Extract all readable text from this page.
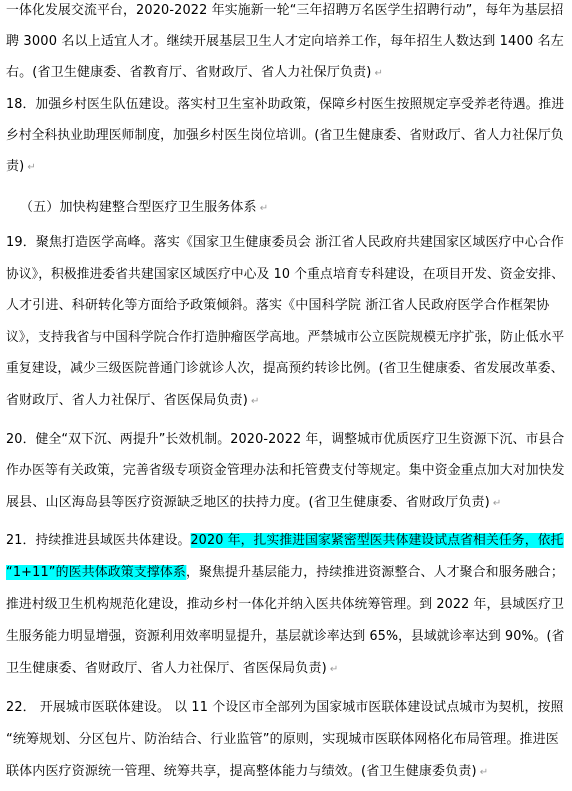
一体化发展交流平台，2020-2022 年实施新一轮“三年招聘万名医学生招聘行动”，每年为基层招
聘 3000 名以上适宜人才。继续开展基层卫生人才定向培养工作，每年招生人数达到 1400 名左
右。(省卫生健康委、省教育厅、省财政厅、省人力社保厅负责) ↵
18．加强乡村医生队伍建设。落实村卫生室补助政策，保障乡村医生按照规定享受养老待遇。推进
乡村全科执业助理医师制度，加强乡村医生岗位培训。(省卫生健康委、省财政厅、省人力社保厅负
责) ↵
（五）加快构建整合型医疗卫生服务体系 ↵
19．聚焦打造医学高峰。落实《国家卫生健康委员会 浙江省人民政府共建国家区域医疗中心合作
协议》，积极推进委省共建国家区域医疗中心及 10 个重点培育专科建设，在项目开发、资金安排、
人才引进、科研转化等方面给予政策倾斜。落实《中国科学院 浙江省人民政府医学合作框架协
议》，支持我省与中国科学院合作打造肿瘤医学高地。严禁城市公立医院规模无序扩张，防止低水平
重复建设，减少三级医院普通门诊就诊人次，提高预约转诊比例。(省卫生健康委、省发展改革委、
省财政厅、省人力社保厅、省医保局负责) ↵
20．健全“双下沉、两提升”长效机制。2020-2022 年，调整城市优质医疗卫生资源下沉、市县合
作办医等有关政策，完善省级专项资金管理办法和托管费支付等规定。集中资金重点加大对加快发
展县、山区海岛县等医疗资源缺乏地区的扶持力度。(省卫生健康委、省财政厅负责) ↵
21．持续推进县域医共体建设。2020 年，扎实推进国家紧密型医共体建设试点省相关任务，依托
“1+11”的医共体政策支撑体系，聚焦提升基层能力，持续推进资源整合、人才聚合和服务融合；
推进村级卫生机构规范化建设，推动乡村一体化并纳入医共体统筹管理。到 2022 年，县域医疗卫
生服务能力明显增强，资源利用效率明显提升，基层就诊率达到 65%，县域就诊率达到 90%。(省
卫生健康委、省财政厅、省人力社保厅、省医保局负责) ↵
22． 开展城市医联体建设。 以 11 个设区市全部列为国家城市医联体建设试点城市为契机，按照
“统筹规划、分区包片、防治结合、行业监管”的原则，实现城市医联体网格化布局管理。推进医
联体内医疗资源统一管理、统筹共享，提高整体能力与绩效。(省卫生健康委负责) ↵
